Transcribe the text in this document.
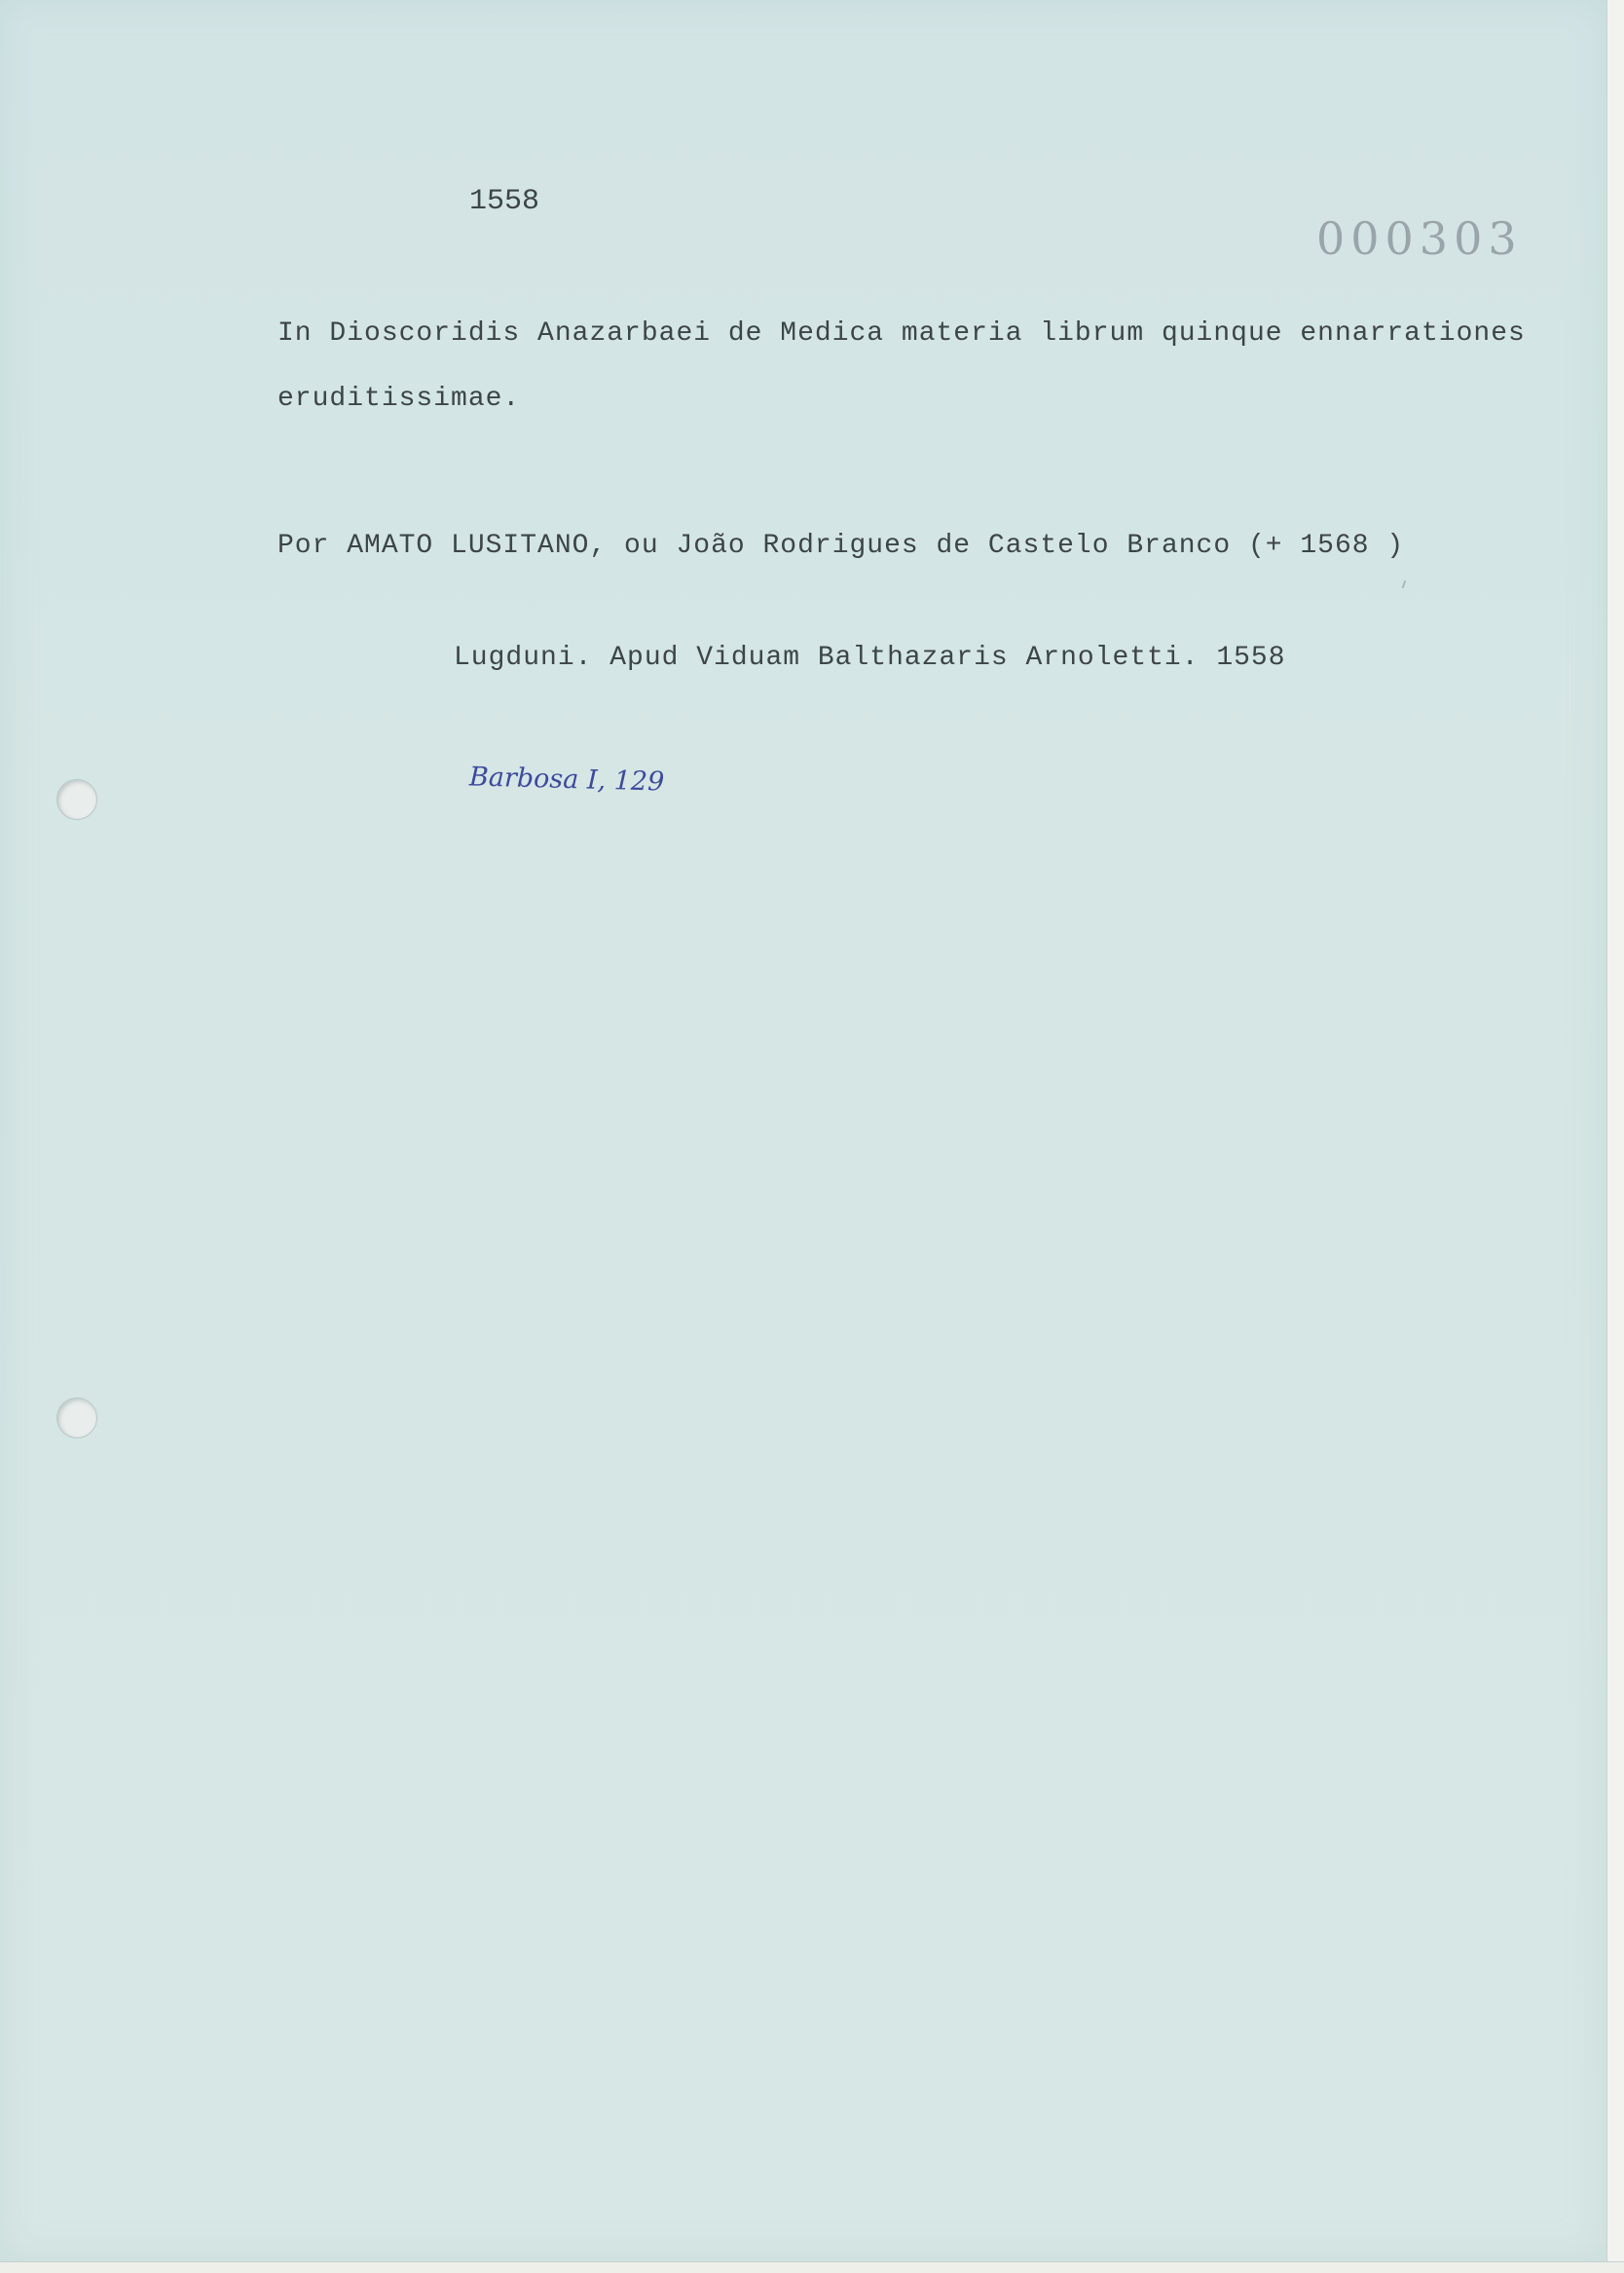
1558
000303
In Dioscoridis Anazarbaei de Medica materia librum quinque ennarrationes
eruditissimae.
Por AMATO LUSITANO, ou João Rodrigues de Castelo Branco (+ 1568 )
Lugduni. Apud Viduam Balthazaris Arnoletti. 1558
Barbosa I, 129
